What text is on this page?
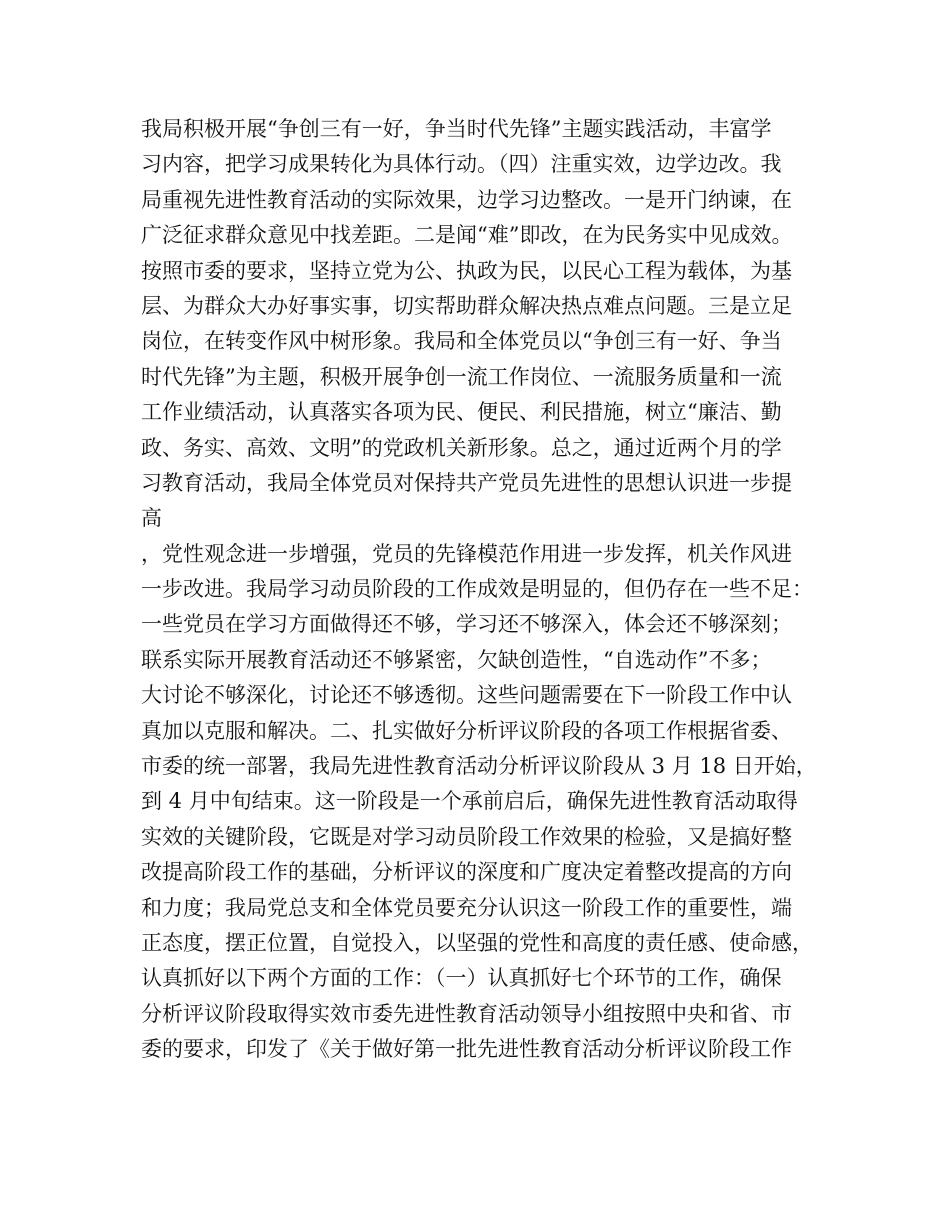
我局积极开展“争创三有一好，争当时代先锋”主题实践活动，丰富学
习内容，把学习成果转化为具体行动。（四）注重实效，边学边改。我
局重视先进性教育活动的实际效果，边学习边整改。一是开门纳谏，在
广泛征求群众意见中找差距。二是闻“难”即改，在为民务实中见成效。
按照市委的要求，坚持立党为公、执政为民，以民心工程为载体，为基
层、为群众大办好事实事，切实帮助群众解决热点难点问题。三是立足
岗位，在转变作风中树形象。我局和全体党员以“争创三有一好、争当
时代先锋”为主题，积极开展争创一流工作岗位、一流服务质量和一流
工作业绩活动，认真落实各项为民、便民、利民措施，树立“廉洁、勤
政、务实、高效、文明”的党政机关新形象。总之，通过近两个月的学
习教育活动，我局全体党员对保持共产党员先进性的思想认识进一步提
高
，党性观念进一步增强，党员的先锋模范作用进一步发挥，机关作风进
一步改进。我局学习动员阶段的工作成效是明显的，但仍存在一些不足：
一些党员在学习方面做得还不够，学习还不够深入，体会还不够深刻；
联系实际开展教育活动还不够紧密，欠缺创造性，“自选动作”不多；
大讨论不够深化，讨论还不够透彻。这些问题需要在下一阶段工作中认
真加以克服和解决。二、扎实做好分析评议阶段的各项工作根据省委、
市委的统一部署，我局先进性教育活动分析评议阶段从 3 月 18 日开始，
到 4 月中旬结束。这一阶段是一个承前启后，确保先进性教育活动取得
实效的关键阶段，它既是对学习动员阶段工作效果的检验，又是搞好整
改提高阶段工作的基础，分析评议的深度和广度决定着整改提高的方向
和力度；我局党总支和全体党员要充分认识这一阶段工作的重要性，端
正态度，摆正位置，自觉投入，以坚强的党性和高度的责任感、使命感，
认真抓好以下两个方面的工作：（一）认真抓好七个环节的工作，确保
分析评议阶段取得实效市委先进性教育活动领导小组按照中央和省、市
委的要求，印发了《关于做好第一批先进性教育活动分析评议阶段工作
